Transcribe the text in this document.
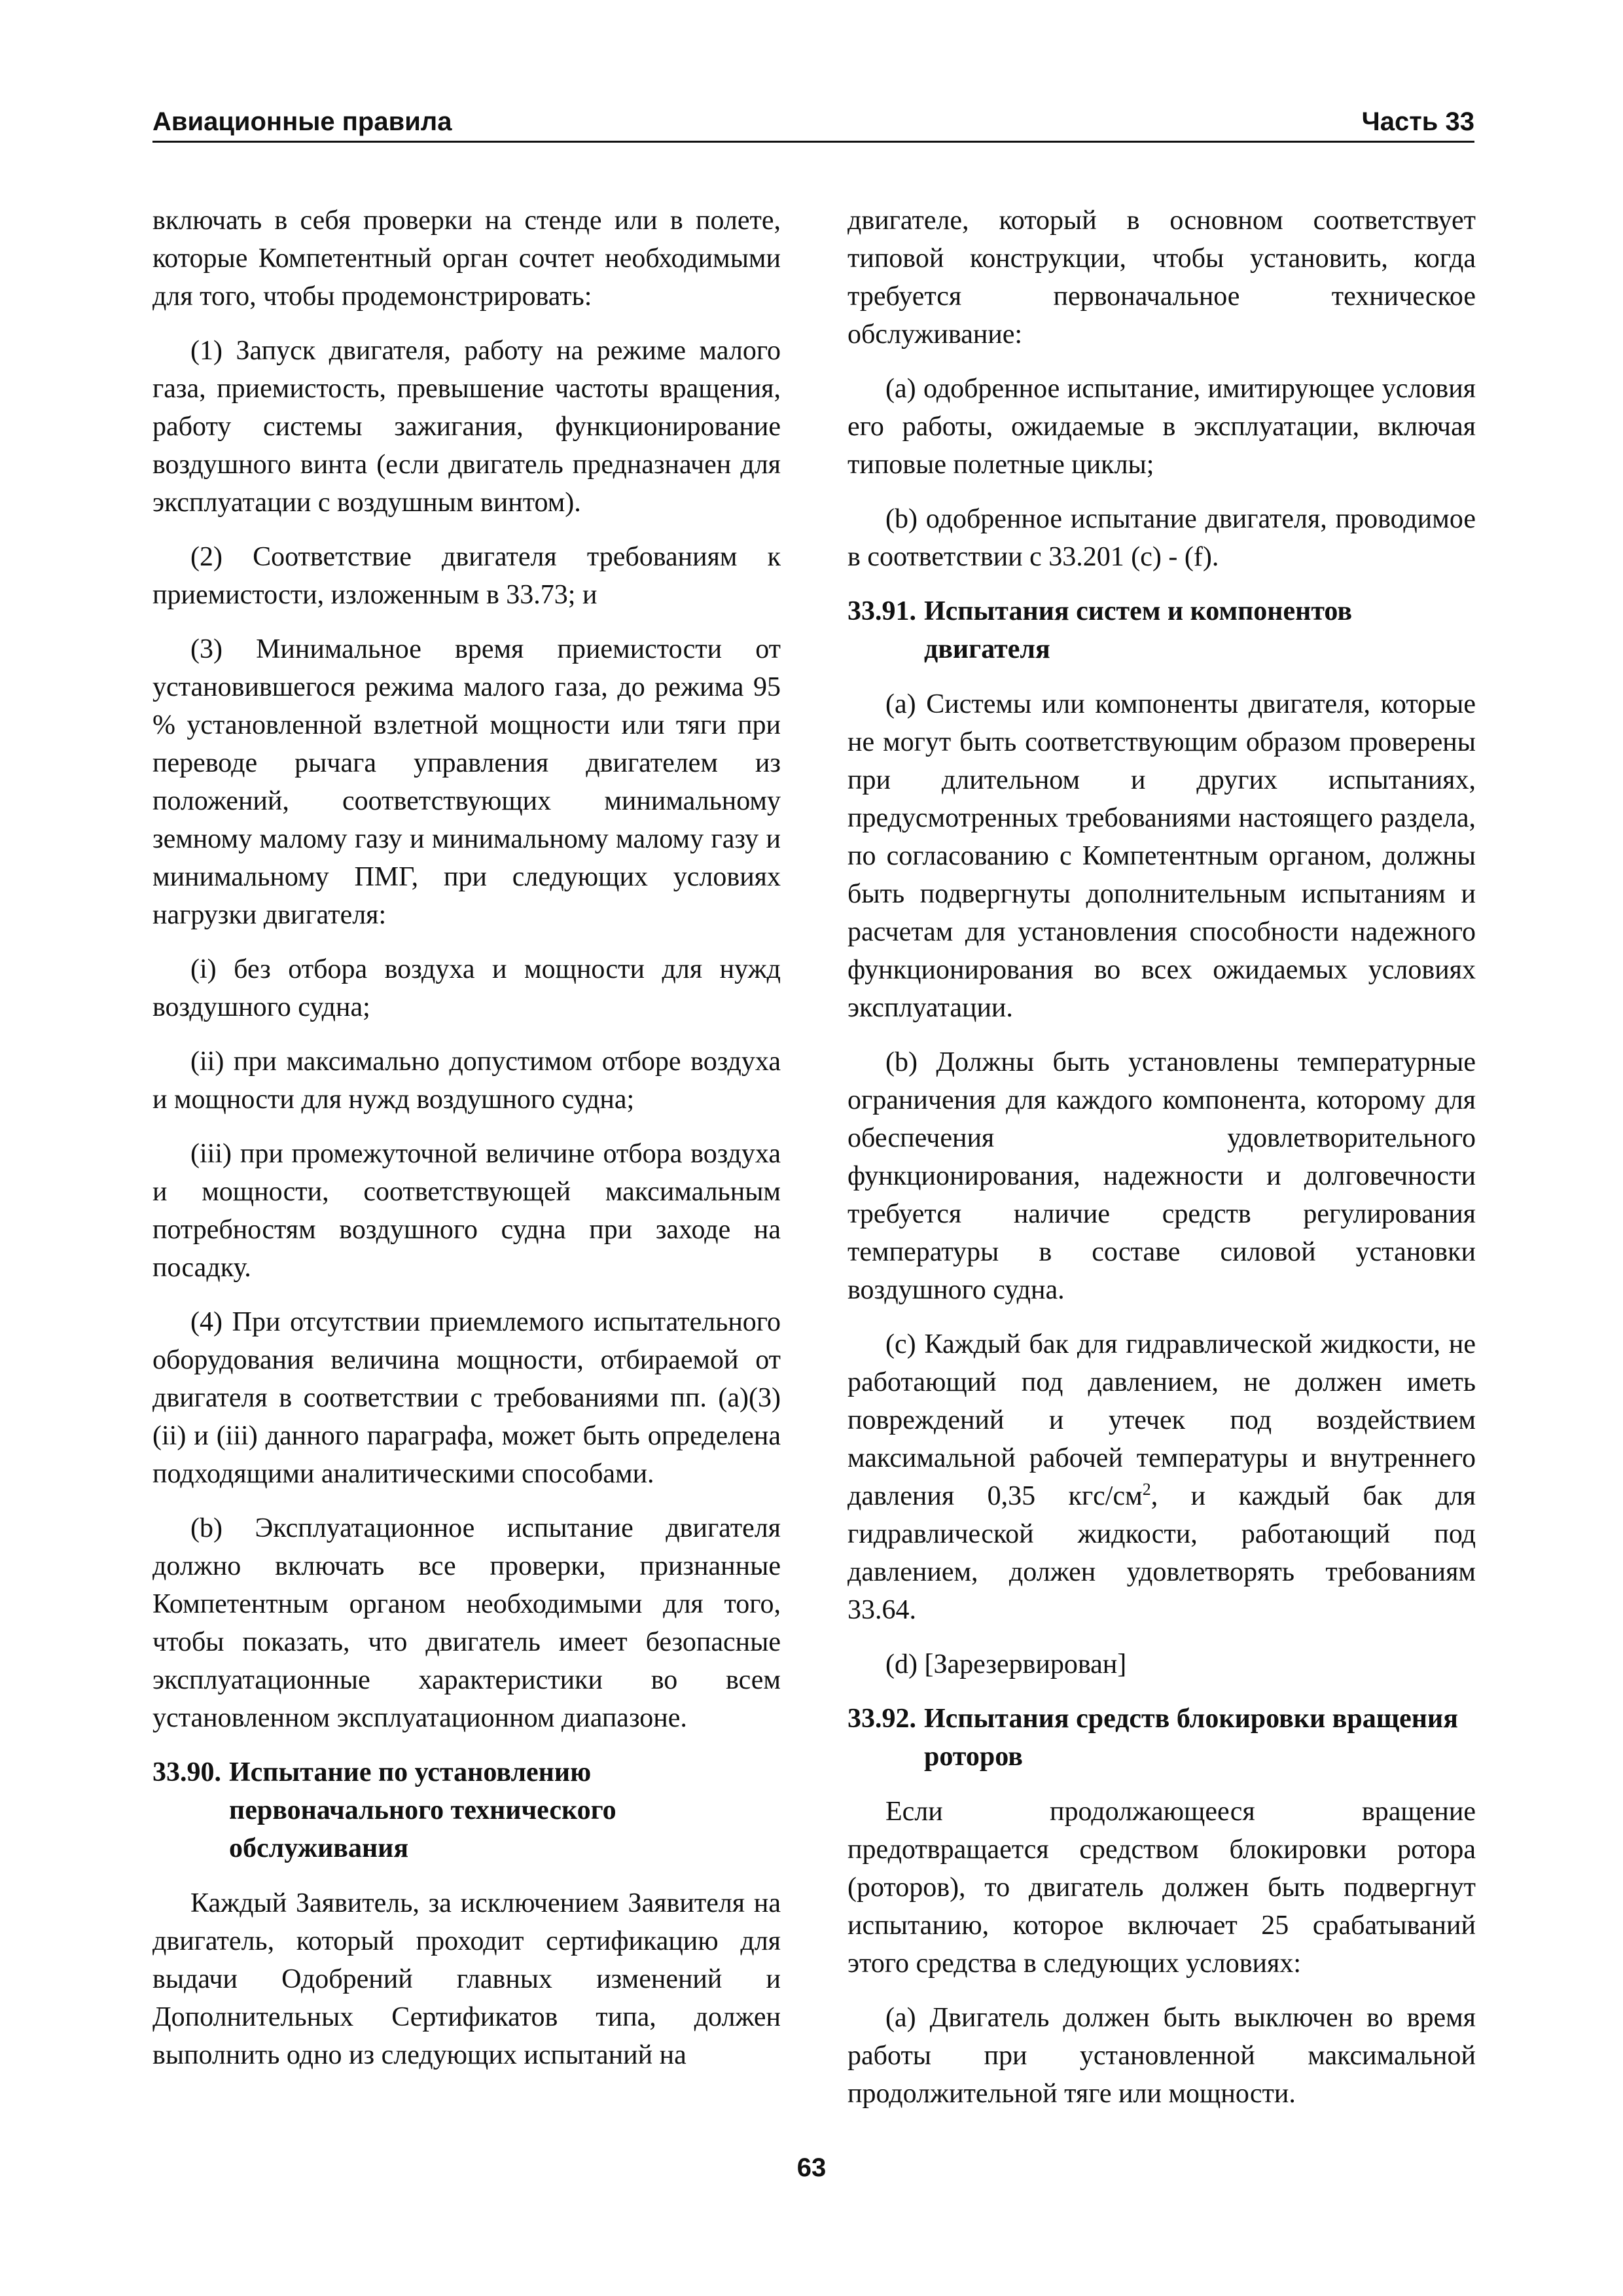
Авиационные правила	Часть 33

включать в себя проверки на стенде или в полете, которые Компетентный орган сочтет необходимыми для того, чтобы продемонстрировать:

(1) Запуск двигателя, работу на режиме малого газа, приемистость, превышение частоты вращения, работу системы зажигания, функционирование воздушного винта (если двигатель предназначен для эксплуатации с воздушным винтом).

(2) Соответствие двигателя требованиям к приемистости, изложенным в 33.73; и

(3) Минимальное время приемистости от установившегося режима малого газа, до режима 95 % установленной взлетной мощности или тяги при переводе рычага управления двигателем из положений, соответствующих минимальному земному малому газу и минимальному малому газу и минимальному ПМГ, при следующих условиях нагрузки двигателя:

(i) без отбора воздуха и мощности для нужд воздушного судна;

(ii) при максимально допустимом отборе воздуха и мощности для нужд воздушного судна;

(iii) при промежуточной величине отбора воздуха и мощности, соответствующей максимальным потребностям воздушного судна при заходе на посадку.

(4) При отсутствии приемлемого испытательного оборудования величина мощности, отбираемой от двигателя в соответствии с требованиями пп. (a)(3)(ii) и (iii) данного параграфа, может быть определена подходящими аналитическими способами.

(b) Эксплуатационное испытание двигателя должно включать все проверки, признанные Компетентным органом необходимыми для того, чтобы показать, что двигатель имеет безопасные эксплуатационные характеристики во всем установленном эксплуатационном диапазоне.

33.90. Испытание по установлению первоначального технического обслуживания

Каждый Заявитель, за исключением Заявителя на двигатель, который проходит сертификацию для выдачи Одобрений главных изменений и Дополнительных Сертификатов типа, должен выполнить одно из следующих испытаний на

двигателе, который в основном соответствует типовой конструкции, чтобы установить, когда требуется первоначальное техническое обслуживание:

(a) одобренное испытание, имитирующее условия его работы, ожидаемые в эксплуатации, включая типовые полетные циклы;

(b) одобренное испытание двигателя, проводимое в соответствии с 33.201 (c) - (f).

33.91. Испытания систем и компонентов двигателя

(a) Системы или компоненты двигателя, которые не могут быть соответствующим образом проверены при длительном и других испытаниях, предусмотренных требованиями настоящего раздела, по согласованию с Компетентным органом, должны быть подвергнуты дополнительным испытаниям и расчетам для установления способности надежного функционирования во всех ожидаемых условиях эксплуатации.

(b) Должны быть установлены температурные ограничения для каждого компонента, которому для обеспечения удовлетворительного функционирования, надежности и долговечности требуется наличие средств регулирования температуры в составе силовой установки воздушного судна.

(c) Каждый бак для гидравлической жидкости, не работающий под давлением, не должен иметь повреждений и утечек под воздействием максимальной рабочей температуры и внутреннего давления 0,35 кгс/$см^2$, и каждый бак для гидравлической жидкости, работающий под давлением, должен удовлетворять требованиям 33.64.

(d) [Зарезервирован]

33.92. Испытания средств блокировки вращения роторов

Если продолжающееся вращение предотвращается средством блокировки ротора (роторов), то двигатель должен быть подвергнут испытанию, которое включает 25 срабатываний этого средства в следующих условиях:

(a) Двигатель должен быть выключен во время работы при установленной максимальной продолжительной тяге или мощности.

63
